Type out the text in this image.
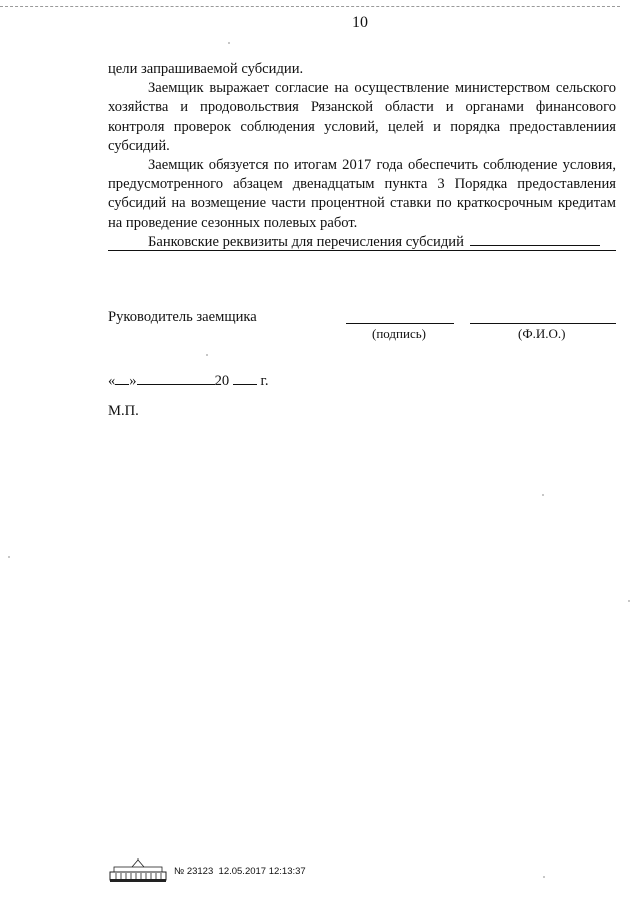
10

цели запрашиваемой субсидии.

Заемщик выражает согласие на осуществление министерством сельского хозяйства и продовольствия Рязанской области и органами финансового контроля проверок соблюдения условий, целей и порядка предоставлениия субсидий.

Заемщик обязуется по итогам 2017 года обеспечить соблюдение условия, предусмотренного абзацем двенадцатым пункта 3 Порядка предоставления субсидий на возмещение части процентной ставки по краткосрочным кредитам на проведение сезонных полевых работ.

Банковские реквизиты для перечисления субсидий

Руководитель заемщика
(подпись)	(Ф.И.О.)
« »	20 г.
М.П.
№ 23123 12.05.2017 12:13:37
